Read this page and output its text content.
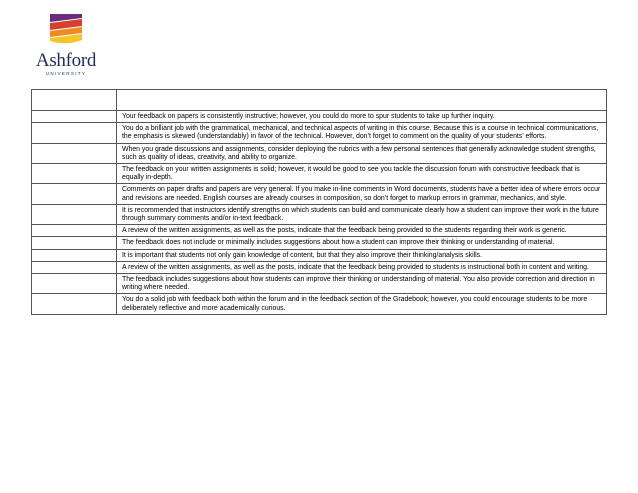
Ashford
UNIVERSITY

	Your feedback on papers is consistently instructive; however, you could do more to spur students to take up further inquiry.
	You do a brilliant job with the grammatical, mechanical, and technical aspects of writing in this course. Because this is a course in technical communications, the emphasis is skewed (understandably) in favor of the technical. However, don’t forget to comment on the quality of your students’ efforts.
	When you grade discussions and assignments, consider deploying the rubrics with a few personal sentences that generally acknowledge student strengths, such as quality of ideas, creativity, and ability to organize.
	The feedback on your written assignments is solid; however, it would be good to see you tackle the discussion forum with constructive feedback that is equally in-depth.
	Comments on paper drafts and papers are very general. If you make in-line comments in Word documents, students have a better idea of where errors occur and revisions are needed. English courses are already courses in composition, so don’t forget to markup errors in grammar, mechanics, and style.
	It is recommended that instructors identify strengths on which students can build and communicate clearly how a student can improve their work in the future through summary comments and/or in-text feedback.
	A review of the written assignments, as well as the posts, indicate that the feedback being provided to the students regarding their work is generic.
	The feedback does not include or minimally includes suggestions about how a student can improve their thinking or understanding of material.
	It is important that students not only gain knowledge of content, but that they also improve their thinking/analysis skills.
	A review of the written assignments, as well as the posts, indicate that the feedback being provided to students is instructional both in content and writing.
	The feedback includes suggestions about how students can improve their thinking or understanding of material. You also provide correction and direction in writing where needed.
	You do a solid job with feedback both within the forum and in the feedback section of the Gradebook; however, you could encourage students to be more deliberately reflective and more academically curious.
